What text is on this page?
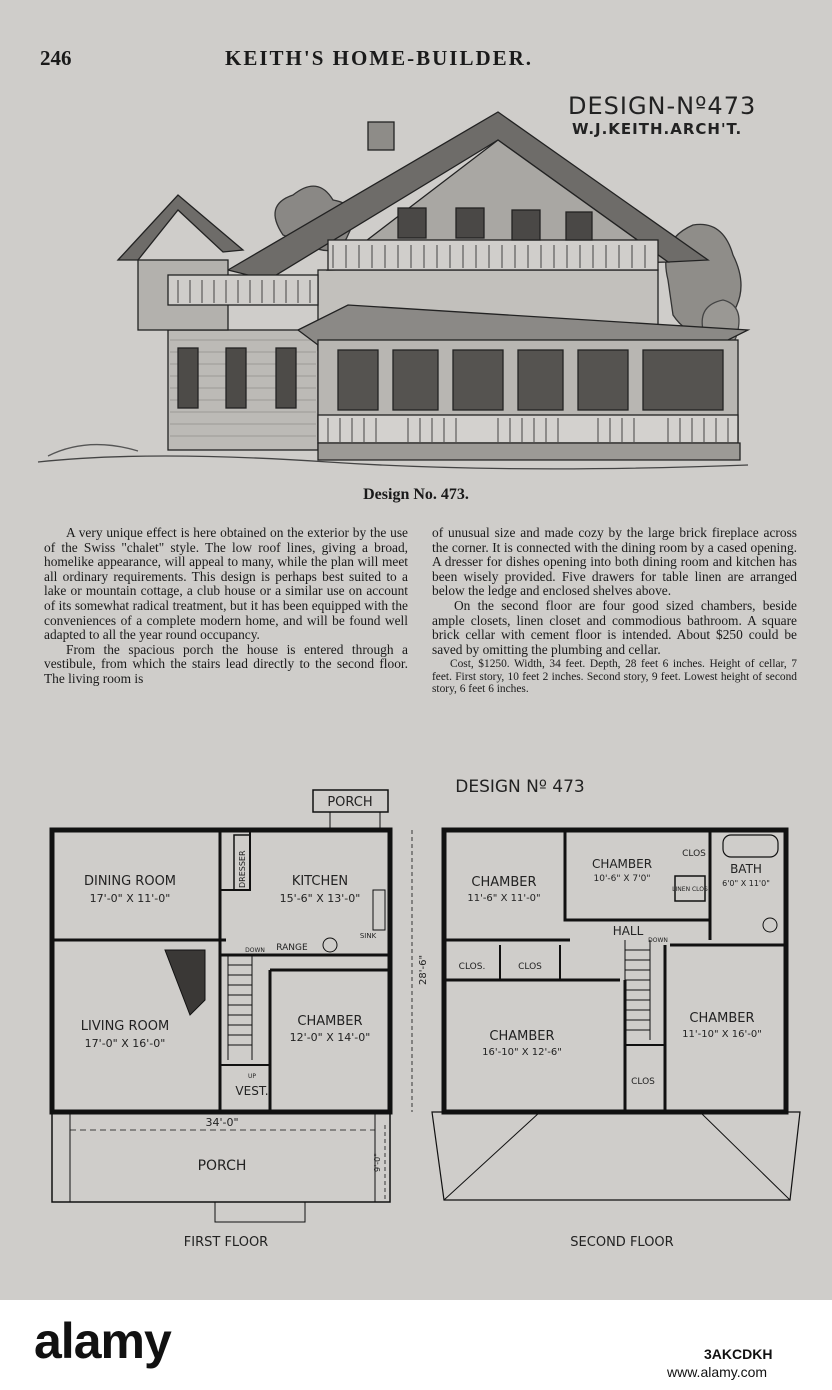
246	KEITH'S HOME-BUILDER.
DESIGN-Nº473
W.J.KEITH.ARCH'T.
Design No. 473.

A very unique effect is here obtained on the exterior by the use of the Swiss "chalet" style. The low roof lines, giving a broad, homelike appearance, will appeal to many, while the plan will meet all ordinary requirements. This design is perhaps best suited to a lake or mountain cottage, a club house or a similar use on account of its somewhat radical treatment, but it has been equipped with the conveniences of a complete modern home, and will be found well adapted to all the year round occupancy.

From the spacious porch the house is entered through a vestibule, from which the stairs lead directly to the second floor. The living room is

of unusual size and made cozy by the large brick fireplace across the corner. It is connected with the dining room by a cased opening. A dresser for dishes opening into both dining room and kitchen has been wisely provided. Five drawers for table linen are arranged below the ledge and enclosed shelves above.

On the second floor are four good sized chambers, beside ample closets, linen closet and commodious bathroom. A square brick cellar with cement floor is intended. About $250 could be saved by omitting the plumbing and cellar.

Cost, $1250. Width, 34 feet. Depth, 28 feet 6 inches. Height of cellar, 7 feet. First story, 10 feet 2 inches. Second story, 9 feet. Lowest height of second story, 6 feet 6 inches.
PORCH
DINING ROOM
17'-0" X 11'-0"
DRESSER	KITCHEN
15'-6" X 13'-0"
RANGE
SINK
DOWN
LIVING ROOM
17'-0" X 16'-0"
CHAMBER
12'-0" X 14'-0"
UP
VEST.
28'-6"
34'-0"
PORCH	9'-0"
FIRST FLOOR
DESIGN Nº 473
CHAMBER
11'-6" X 11'-0"
CHAMBER
10'-6" X 7'0"
CLOS
BATH
6'0" X 11'0"
LINEN CLOS
HALL
DOWN
CLOS.	CLOS
CHAMBER
16'-10" X 12'-6"
CHAMBER
11'-10" X 16'-0"
CLOS
SECOND FLOOR
alamy	3AKCDKH
www.alamy.com
